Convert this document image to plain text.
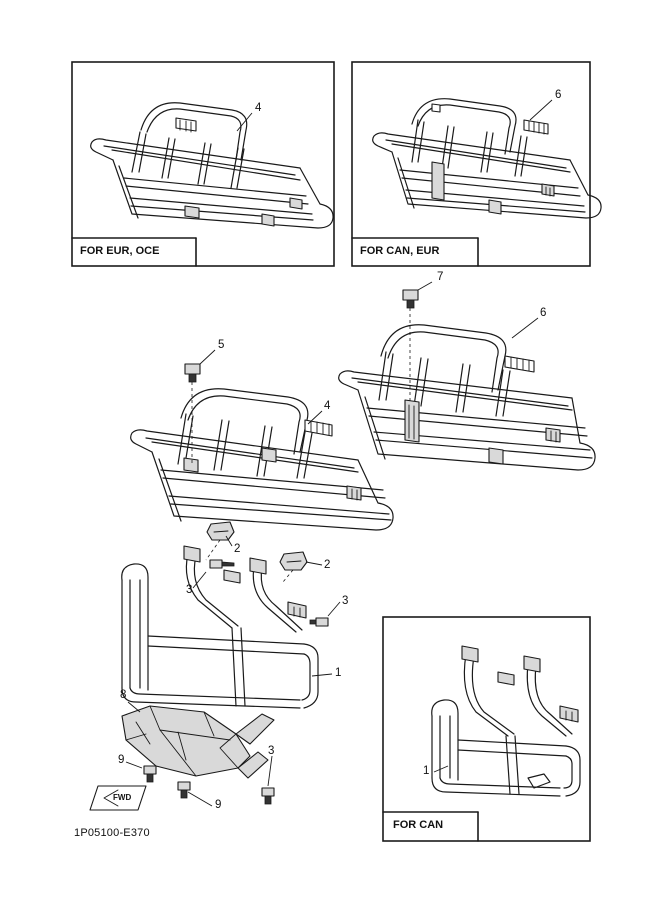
4
6
7
6
5
4
2
2
3
3
1
8
9
9
3
1
FOR EUR, OCE	FOR CAN, EUR
FOR CAN
FWD
1P05100-E370
